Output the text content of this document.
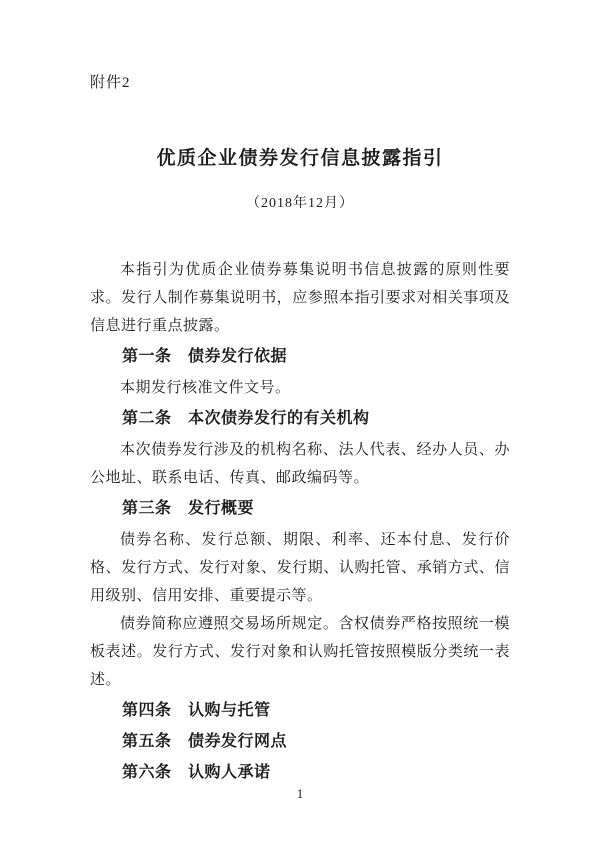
附件2
优质企业债券发行信息披露指引
（2018年12月）

本指引为优质企业债券募集说明书信息披露的原则性要求。发行人制作募集说明书，应参照本指引要求对相关事项及信息进行重点披露。

第一条　债券发行依据

本期发行核准文件文号。

第二条　本次债券发行的有关机构

本次债券发行涉及的机构名称、法人代表、经办人员、办公地址、联系电话、传真、邮政编码等。

第三条　发行概要

债券名称、发行总额、期限、利率、还本付息、发行价格、发行方式、发行对象、发行期、认购托管、承销方式、信用级别、信用安排、重要提示等。

债券简称应遵照交易场所规定。含权债券严格按照统一模板表述。发行方式、发行对象和认购托管按照模版分类统一表述。

第四条　认购与托管
第五条　债券发行网点
第六条　认购人承诺
1
